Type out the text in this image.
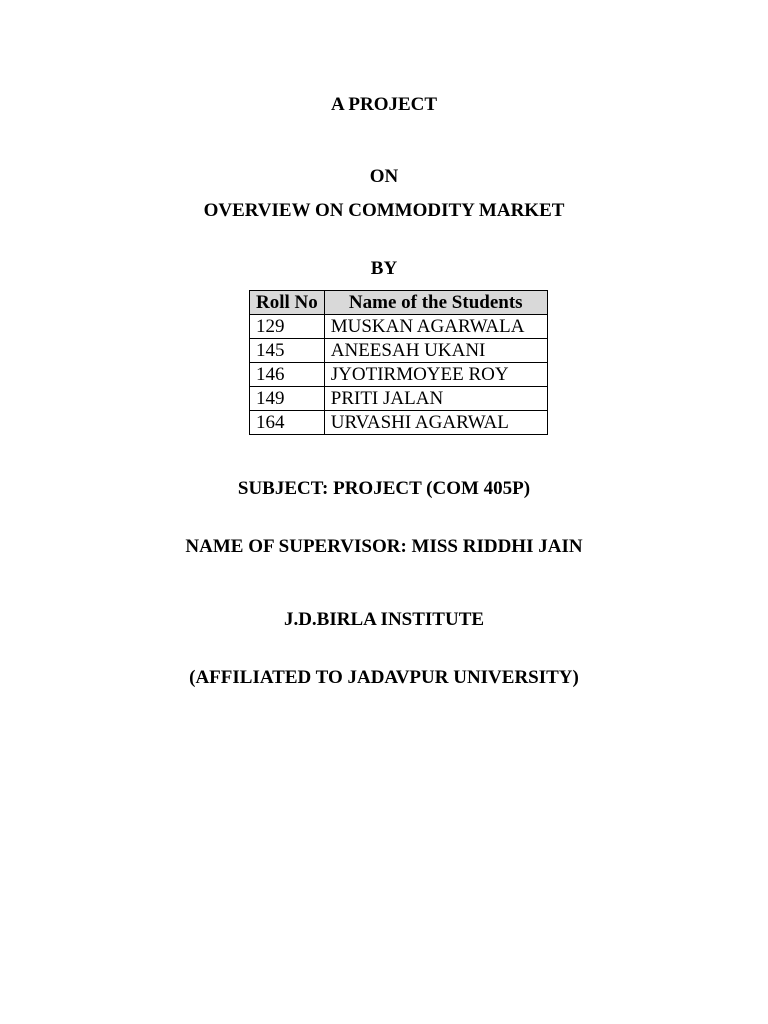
A PROJECT
ON
OVERVIEW ON COMMODITY MARKET
BY
Roll No	Name of the Students
129	MUSKAN AGARWALA
145	ANEESAH UKANI
146	JYOTIRMOYEE ROY
149	PRITI JALAN
164	URVASHI AGARWAL
SUBJECT: PROJECT (COM 405P)
NAME OF SUPERVISOR: MISS RIDDHI JAIN
J.D.BIRLA INSTITUTE
(AFFILIATED TO JADAVPUR UNIVERSITY)
